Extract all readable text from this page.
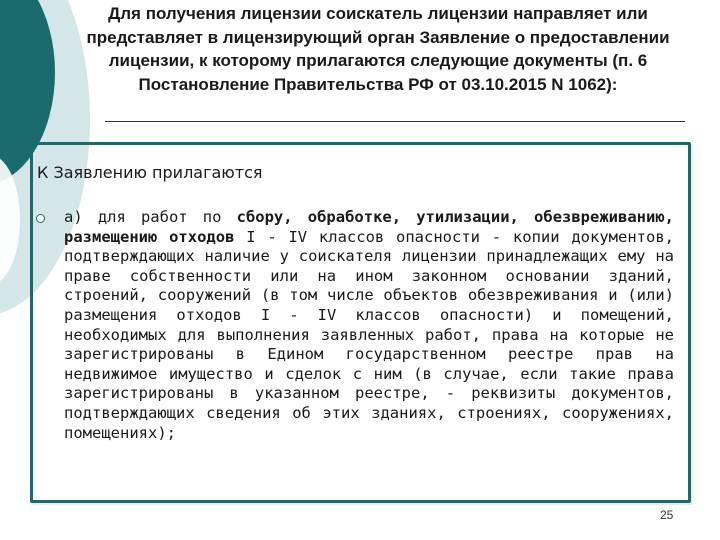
Для получения лицензии соискатель лицензии направляет или представляет в лицензирующий орган Заявление о предоставлении лицензии, к которому прилагаются следующие документы (п. 6 Постановление Правительства РФ от 03.10.2015 N 1062):
К Заявлению прилагаются

а) для работ по сбору, обработке, утилизации, обезвреживанию, размещению отходов I - IV классов опасности - копии документов, подтверждающих наличие у соискателя лицензии принадлежащих ему на праве собственности или на ином законном основании зданий, строений, сооружений (в том числе объектов обезвреживания и (или) размещения отходов I - IV классов опасности) и помещений, необходимых для выполнения заявленных работ, права на которые не зарегистрированы в Едином государственном реестре прав на недвижимое имущество и сделок с ним (в случае, если такие права зарегистрированы в указанном реестре, - реквизиты документов, подтверждающих сведения об этих зданиях, строениях, сооружениях, помещениях);

25
